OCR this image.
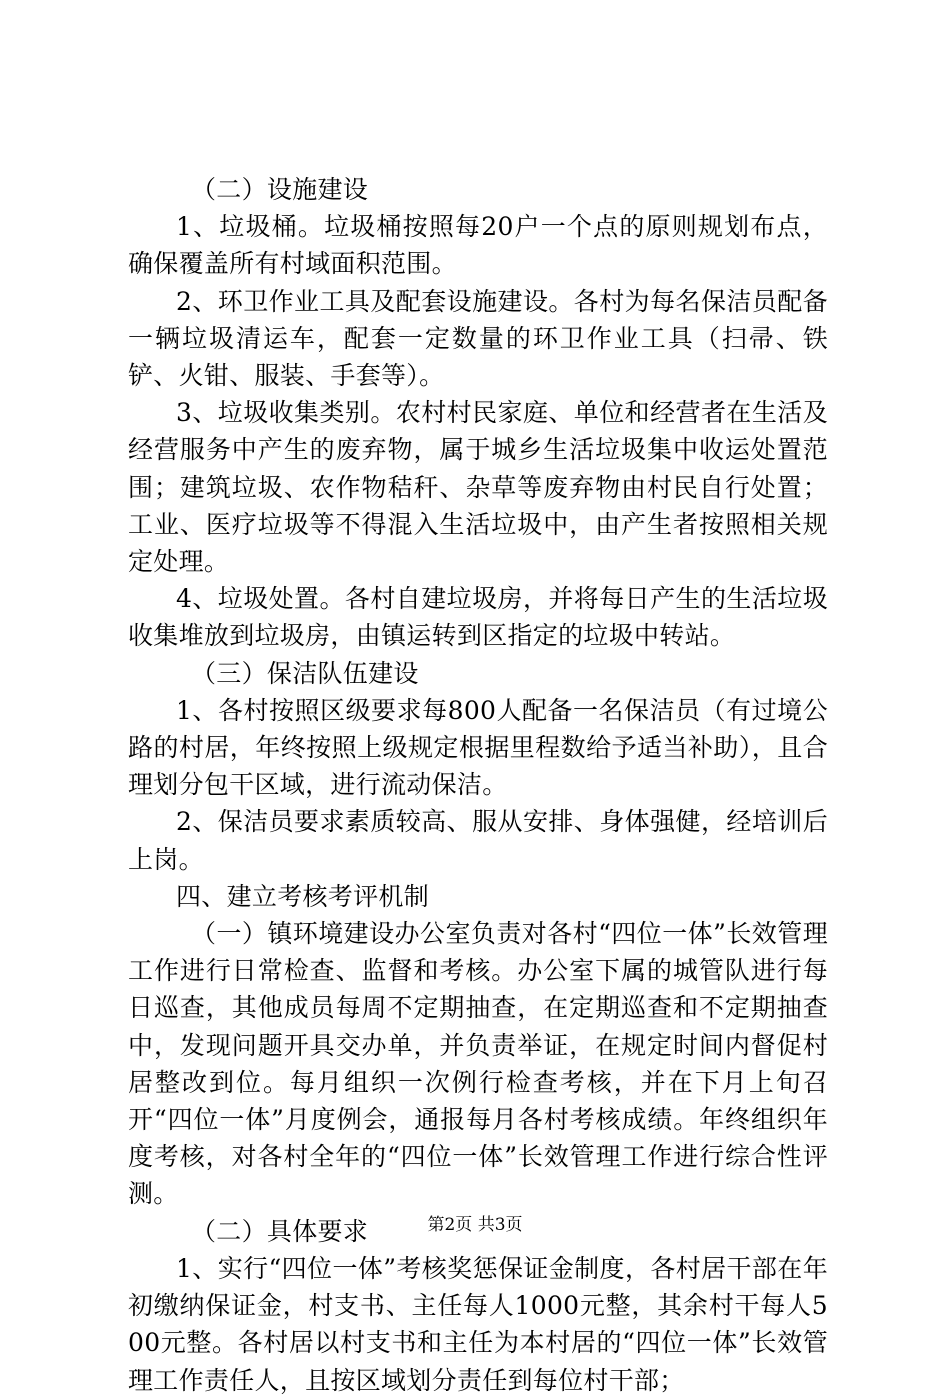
（二）设施建设

1、垃圾桶。垃圾桶按照每20户一个点的原则规划布点，确保覆盖所有村域面积范围。

2、环卫作业工具及配套设施建设。各村为每名保洁员配备一辆垃圾清运车，配套一定数量的环卫作业工具（扫帚、铁铲、火钳、服装、手套等）。

3、垃圾收集类别。农村村民家庭、单位和经营者在生活及经营服务中产生的废弃物，属于城乡生活垃圾集中收运处置范围；建筑垃圾、农作物秸秆、杂草等废弃物由村民自行处置；工业、医疗垃圾等不得混入生活垃圾中，由产生者按照相关规定处理。

4、垃圾处置。各村自建垃圾房，并将每日产生的生活垃圾收集堆放到垃圾房，由镇运转到区指定的垃圾中转站。

（三）保洁队伍建设

1、各村按照区级要求每800人配备一名保洁员（有过境公路的村居，年终按照上级规定根据里程数给予适当补助），且合理划分包干区域，进行流动保洁。

2、保洁员要求素质较高、服从安排、身体强健，经培训后上岗。

四、建立考核考评机制

（一）镇环境建设办公室负责对各村“四位一体”长效管理工作进行日常检查、监督和考核。办公室下属的城管队进行每日巡查，其他成员每周不定期抽查，在定期巡查和不定期抽查中，发现问题开具交办单，并负责举证，在规定时间内督促村居整改到位。每月组织一次例行检查考核，并在下月上旬召开“四位一体”月度例会，通报每月各村考核成绩。年终组织年度考核，对各村全年的“四位一体”长效管理工作进行综合性评测。

（二）具体要求

1、实行“四位一体”考核奖惩保证金制度，各村居干部在年初缴纳保证金，村支书、主任每人1000元整，其余村干每人500元整。各村居以村支书和主任为本村居的“四位一体”长效管理工作责任人，且按区域划分责任到每位村干部；

第2页 共3页
